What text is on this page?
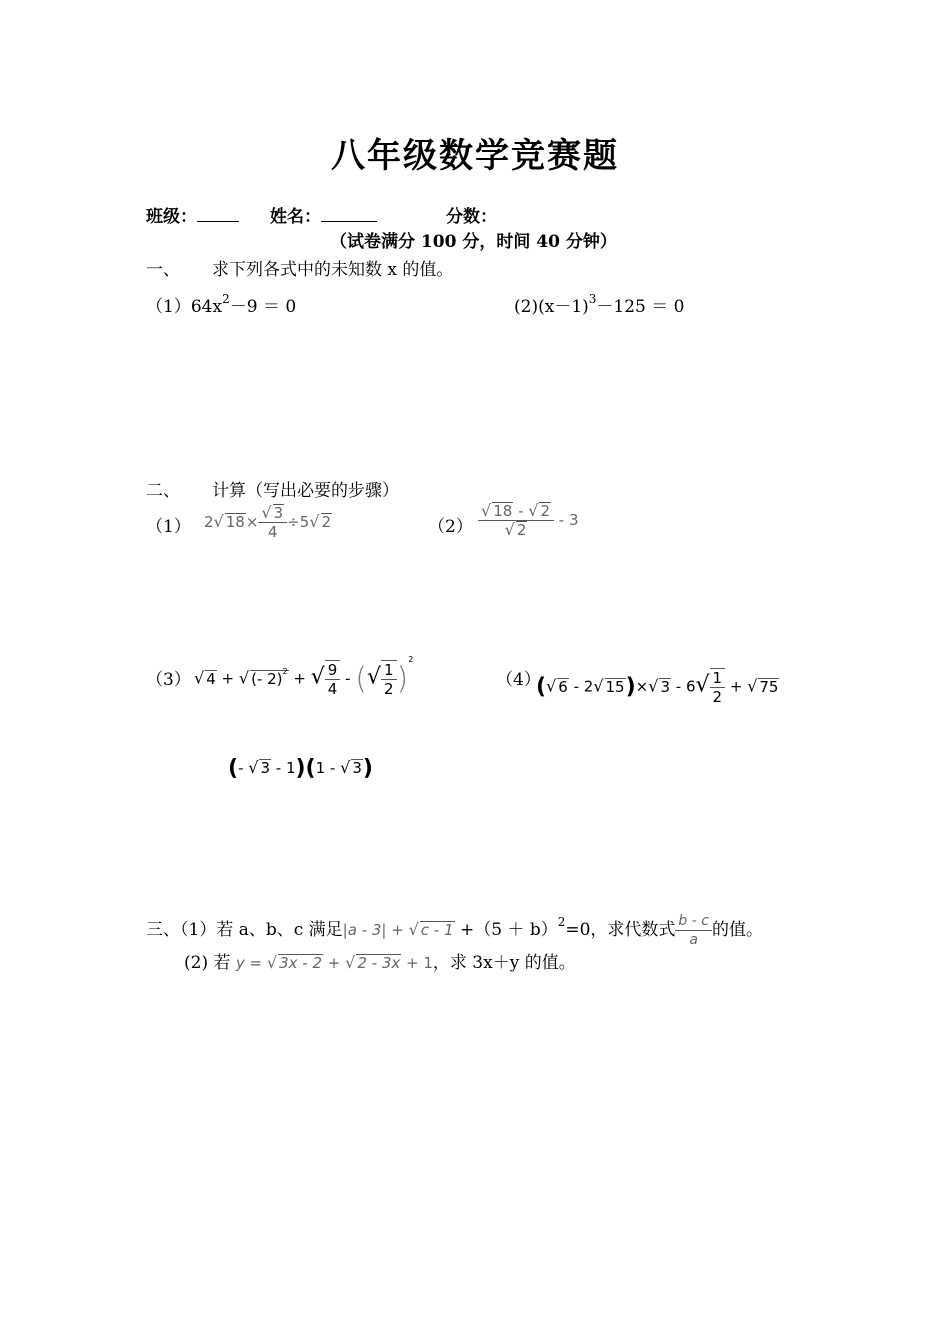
八年级数学竞赛题
班级：	姓名：	分数：
（试卷满分 100 分，时间 40 分钟）
一、 求下列各式中的未知数 x 的值。
$(1)64x^2-9 = 0$	$(2)(x-1)^3-125 = 0$
二、 计算（写出必要的步骤）
（1） 2√ $18\times \frac{√ 3}{4} \div 5√$ 2	$(2) \frac{√ 18 - √ 2}{√ 2} - 3$
（3） √ 4 + √ (- 2)$^2$ + √ $\frac{9}{4}$ - (√ $\frac{1}{2} )^2$
（4）
(√ 6 - 2√ 15)×√ $3 - 6√ \frac{1}{2}$ + √ 75
(- √ 3 - 1)(1 - √ 3)
三、（1）若 a、b、c 满足|a - 3| + √ $c - 1 +(5 + b)^2=0$，求代数式 $\frac{b - c}{a}$ 的值。
(2) 若 y = √ 3x - 2 + √ 2 - 3x + 1，求 3x＋y 的值。
